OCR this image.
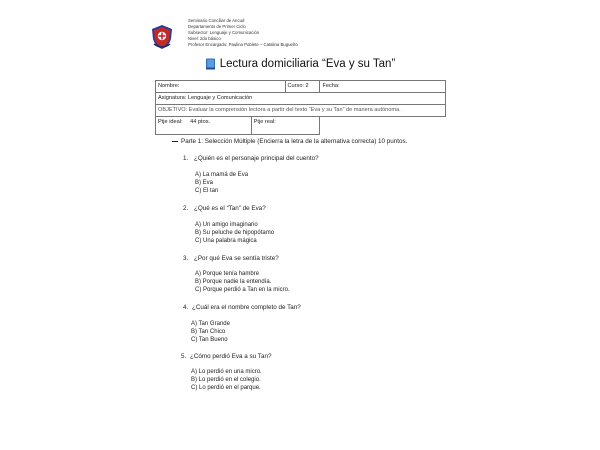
Seminario Conciliar de Ancud
Departamento de Primer Ciclo
Subsector: Lenguaje y Comunicación
Nivel: 2do básico
Profesor Encargado: Paulina Poblete – Catalina Bugueño
Lectura domiciliaria “Eva y su Tan”
Nombre:		Curso: 2	Fecha:
Asignatura: Lenguaje y Comunicación			
OBJETIVO: Evaluar la comprensión lectora a partir del texto “Eva y su Tan” de manera autónoma.			
Ptje ideal: 44 ptos.	Ptje real:		
Parte 1: Selección Múltiple (Encierra la letra de la alternativa correcta) 10 puntos.
1. ¿Quién es el personaje principal del cuento?
A) La mamá de Eva
B) Eva
C) El tan
2. ¿Qué es el “Tan” de Eva?
A) Un amigo imaginario
B) Su peluche de hipopótamo
C) Una palabra mágica
3. ¿Por qué Eva se sentía triste?
A) Porque tenía hambre
B) Porque nadie la entendía.
C) Porque perdió a Tan en la micro.
4. ¿Cuál era el nombre completo de Tan?
A) Tan Grande
B) Tan Chico
C) Tan Bueno
5. ¿Cómo perdió Eva a su Tan?
A) Lo perdió en una micro.
B) Lo perdió en el colegio.
C) Lo perdió en el parque.
